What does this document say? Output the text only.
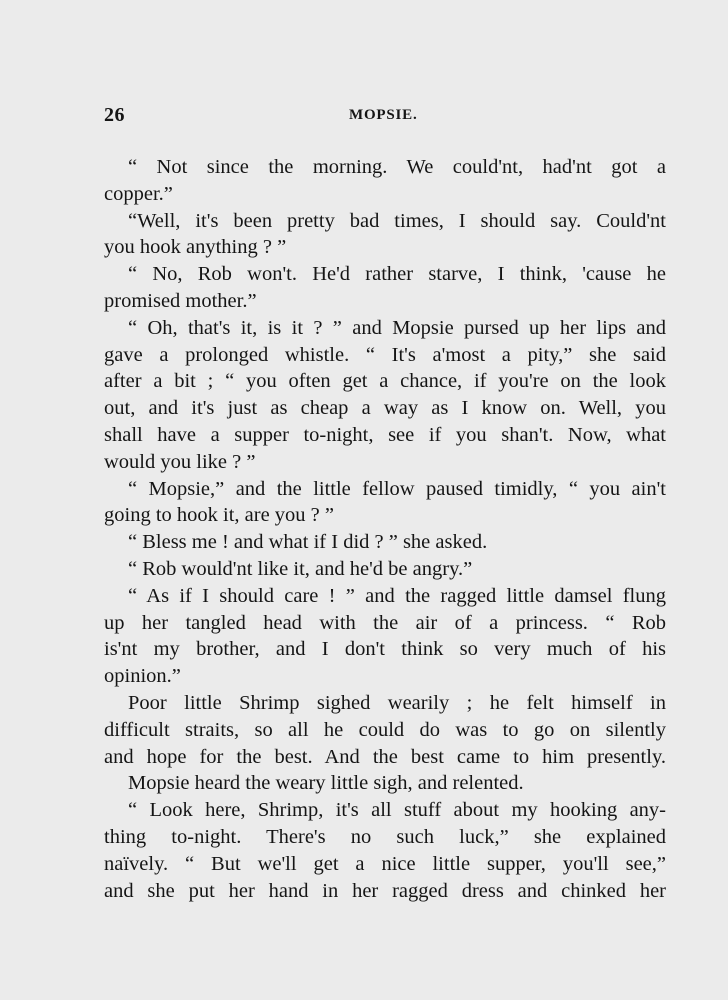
26	MOPSIE.
“ Not since the morning. We could'nt, had'nt got a
copper.”
“Well, it's been pretty bad times, I should say. Could'nt
you hook anything ? ”
“ No, Rob won't. He'd rather starve, I think, 'cause he
promised mother.”
“ Oh, that's it, is it ? ” and Mopsie pursed up her lips and
gave a prolonged whistle. “ It's a'most a pity,” she said
after a bit ; “ you often get a chance, if you're on the look
out, and it's just as cheap a way as I know on. Well, you
shall have a supper to-night, see if you shan't. Now, what
would you like ? ”
“ Mopsie,” and the little fellow paused timidly, “ you ain't
going to hook it, are you ? ”
“ Bless me ! and what if I did ? ” she asked.
“ Rob would'nt like it, and he'd be angry.”
“ As if I should care ! ” and the ragged little damsel flung
up her tangled head with the air of a princess. “ Rob
is'nt my brother, and I don't think so very much of his
opinion.”
Poor little Shrimp sighed wearily ; he felt himself in
difficult straits, so all he could do was to go on silently
and hope for the best. And the best came to him presently.
Mopsie heard the weary little sigh, and relented.
“ Look here, Shrimp, it's all stuff about my hooking any-
thing to-night. There's no such luck,” she explained
naïvely. “ But we'll get a nice little supper, you'll see,”
and she put her hand in her ragged dress and chinked her
